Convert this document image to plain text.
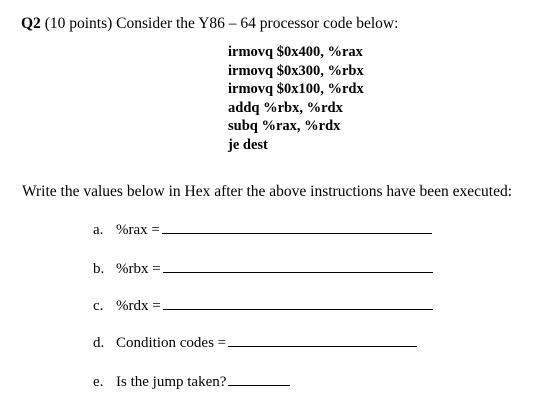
Q2 (10 points) Consider the Y86 – 64 processor code below:
irmovq $0x400, %rax
irmovq $0x300, %rbx
irmovq $0x100, %rdx
addq %rbx, %rdx
subq %rax, %rdx
je dest
Write the values below in Hex after the above instructions have been executed:
a. %rax =
b. %rbx =
c. %rdx =
d. Condition codes =
e. Is the jump taken?
